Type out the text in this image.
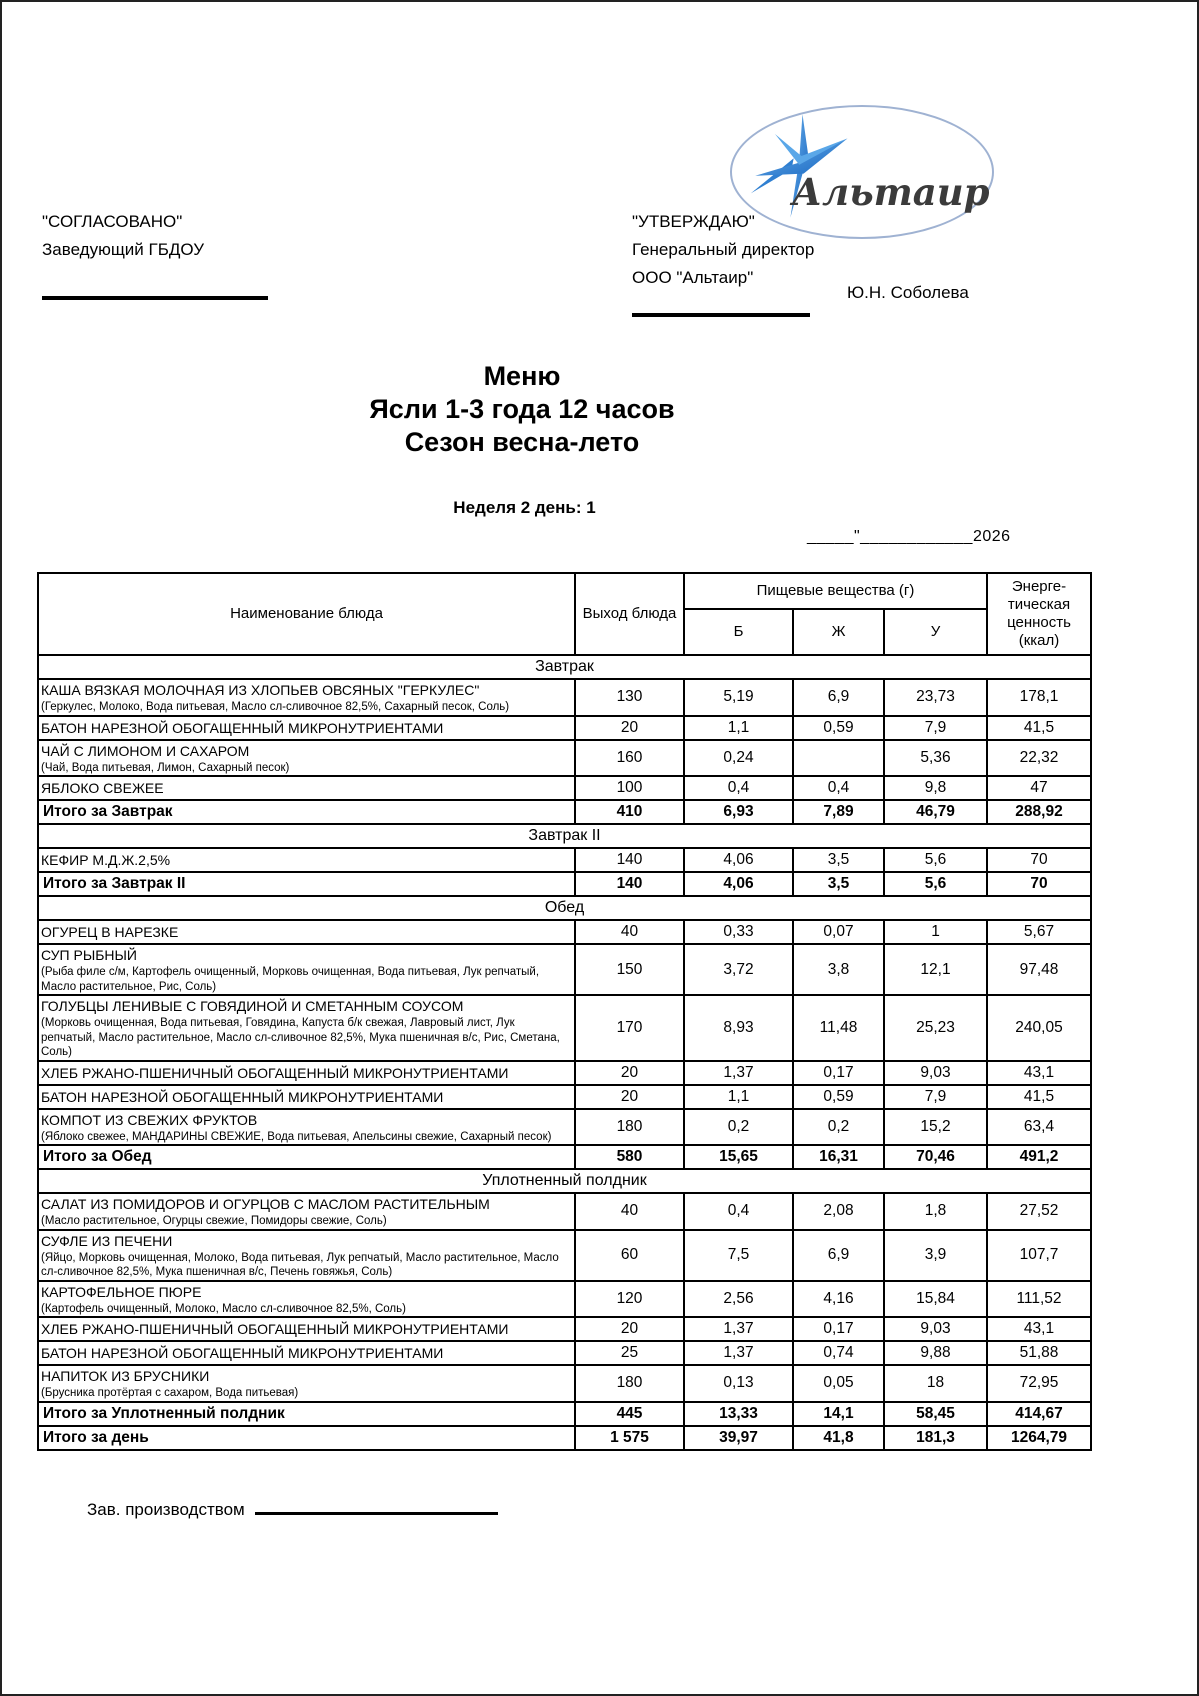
Альтаир
"СОГЛАСОВАНО"
Заведующий ГБДОУ
"УТВЕРЖДАЮ"
Генеральный директор
ООО "Альтаир"
Ю.Н. Соболева
Меню
Ясли 1-3 года 12 часов
Сезон весна-лето
Неделя 2 день: 1
_____"____________2026
Наименование блюда	Выход блюда	Пищевые вещества (г)			Энерге-тическая ценность (ккал)
		Б	Ж	У	
Завтрак					

КАША ВЯЗКАЯ МОЛОЧНАЯ ИЗ ХЛОПЬЕВ ОВСЯНЫХ "ГЕРКУЛЕС"
(Геркулес, Молоко, Вода питьевая, Масло сл-сливочное 82,5%, Сахарный песок, Соль)	130	5,19	6,9	23,73	178,1

БАТОН НАРЕЗНОЙ ОБОГАЩЕННЫЙ МИКРОНУТРИЕНТАМИ	20	1,1	0,59	7,9	41,5

ЧАЙ С ЛИМОНОМ И САХАРОМ
(Чай, Вода питьевая, Лимон, Сахарный песок)	160	0,24		5,36	22,32

ЯБЛОКО СВЕЖЕЕ	100	0,4	0,4	9,8	47
Итого за Завтрак	410	6,93	7,89	46,79	288,92
Завтрак II					

КЕФИР М.Д.Ж.2,5%	140	4,06	3,5	5,6	70
Итого за Завтрак II	140	4,06	3,5	5,6	70
Обед					

ОГУРЕЦ В НАРЕЗКЕ	40	0,33	0,07	1	5,67

СУП РЫБНЫЙ
(Рыба филе с/м, Картофель очищенный, Морковь очищенная, Вода питьевая, Лук репчатый, Масло растительное, Рис, Соль)	150	3,72	3,8	12,1	97,48

ГОЛУБЦЫ ЛЕНИВЫЕ С ГОВЯДИНОЙ И СМЕТАННЫМ СОУСОМ
(Морковь очищенная, Вода питьевая, Говядина, Капуста б/к свежая, Лавровый лист, Лук репчатый, Масло растительное, Масло сл-сливочное 82,5%, Мука пшеничная в/с, Рис, Сметана, Соль)	170	8,93	11,48	25,23	240,05

ХЛЕБ РЖАНО-ПШЕНИЧНЫЙ ОБОГАЩЕННЫЙ МИКРОНУТРИЕНТАМИ	20	1,37	0,17	9,03	43,1

БАТОН НАРЕЗНОЙ ОБОГАЩЕННЫЙ МИКРОНУТРИЕНТАМИ	20	1,1	0,59	7,9	41,5

КОМПОТ ИЗ СВЕЖИХ ФРУКТОВ
(Яблоко свежее, МАНДАРИНЫ СВЕЖИЕ, Вода питьевая, Апельсины свежие, Сахарный песок)	180	0,2	0,2	15,2	63,4
Итого за Обед	580	15,65	16,31	70,46	491,2
Уплотненный полдник					

САЛАТ ИЗ ПОМИДОРОВ И ОГУРЦОВ С МАСЛОМ РАСТИТЕЛЬНЫМ
(Масло растительное, Огурцы свежие, Помидоры свежие, Соль)	40	0,4	2,08	1,8	27,52

СУФЛЕ ИЗ ПЕЧЕНИ
(Яйцо, Морковь очищенная, Молоко, Вода питьевая, Лук репчатый, Масло растительное, Масло сл-сливочное 82,5%, Мука пшеничная в/с, Печень говяжья, Соль)	60	7,5	6,9	3,9	107,7

КАРТОФЕЛЬНОЕ ПЮРЕ
(Картофель очищенный, Молоко, Масло сл-сливочное 82,5%, Соль)	120	2,56	4,16	15,84	111,52

ХЛЕБ РЖАНО-ПШЕНИЧНЫЙ ОБОГАЩЕННЫЙ МИКРОНУТРИЕНТАМИ	20	1,37	0,17	9,03	43,1

БАТОН НАРЕЗНОЙ ОБОГАЩЕННЫЙ МИКРОНУТРИЕНТАМИ	25	1,37	0,74	9,88	51,88

НАПИТОК ИЗ БРУСНИКИ
(Брусника протёртая с сахаром, Вода питьевая)	180	0,13	0,05	18	72,95
Итого за Уплотненный полдник	445	13,33	14,1	58,45	414,67
Итого за день	1 575	39,97	41,8	181,3	1264,79
Зав. производством
